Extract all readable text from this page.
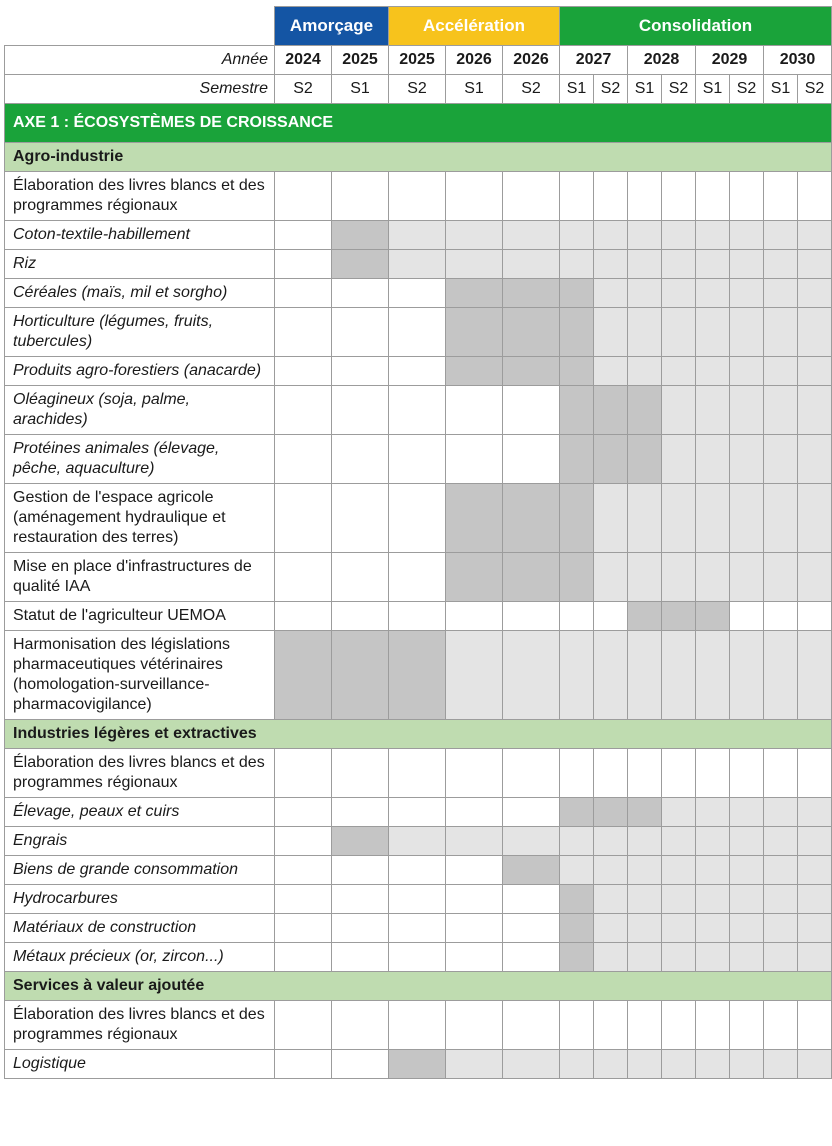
	Amorçage		Accélération			Consolidation							
Année	2024	2025	2025	2026	2026	2027		2028		2029		2030	
Semestre	S2	S1	S2	S1	S2	S1	S2	S1	S2	S1	S2	S1	S2
AXE 1 : ÉCOSYSTÈMES DE CROISSANCE													
Agro-industrie													
Élaboration des livres blancs et des programmes régionaux													
Coton-textile-habillement													
Riz													
Céréales (maïs, mil et sorgho)													
Horticulture (légumes, fruits, tubercules)													
Produits agro-forestiers (anacarde)													
Oléagineux (soja, palme, arachides)													
Protéines animales (élevage, pêche, aquaculture)													
Gestion de l'espace agricole (aménagement hydraulique et restauration des terres)													
Mise en place d'infrastructures de qualité IAA													
Statut de l'agriculteur UEMOA													
Harmonisation des législations pharmaceutiques vétérinaires (homologation-surveillance-pharmacovigilance)													
Industries légères et extractives													
Élaboration des livres blancs et des programmes régionaux													
Élevage, peaux et cuirs													
Engrais													
Biens de grande consommation													
Hydrocarbures													
Matériaux de construction													
Métaux précieux (or, zircon...)													
Services à valeur ajoutée													
Élaboration des livres blancs et des programmes régionaux													
Logistique													
